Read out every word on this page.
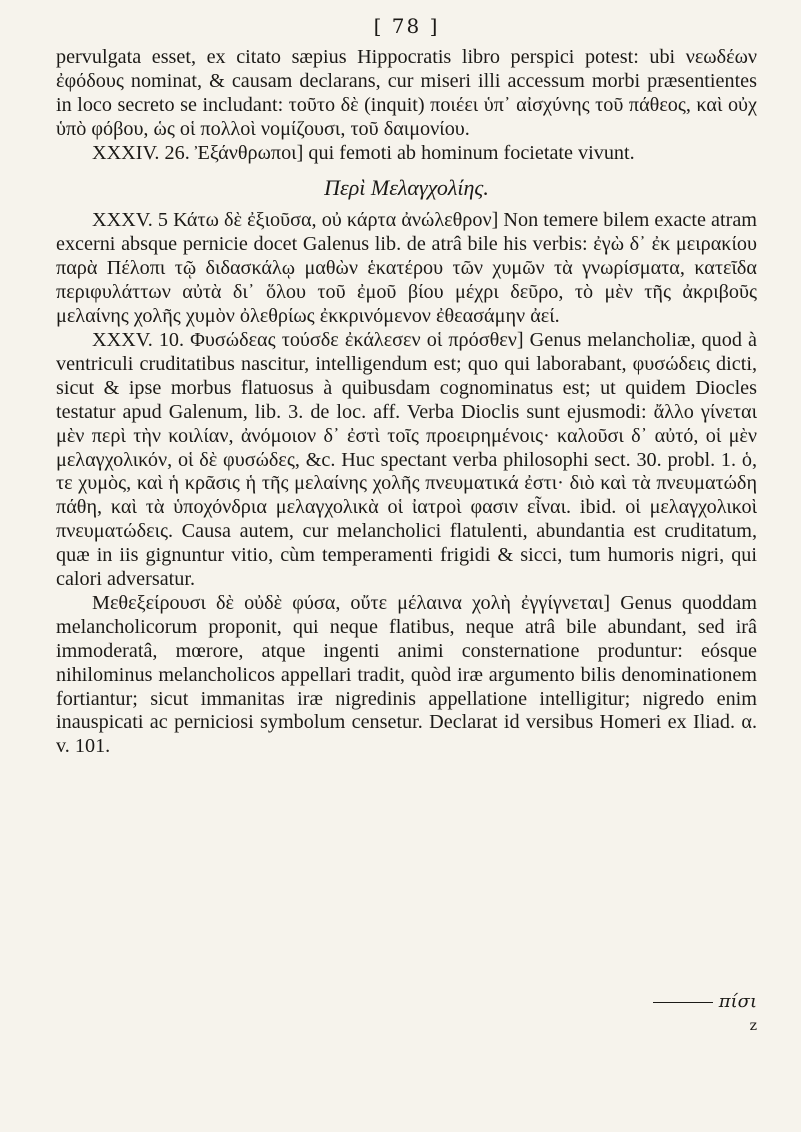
[ 78 ]

pervulgata esset, ex citato sæpius Hippocratis libro perspici potest: ubi νεωδέων ἐφόδους nominat, & causam declarans, cur miseri illi accessum morbi præsentientes in loco secreto se includant: τοῦτο δὲ (inquit) ποιέει ὑπ᾽ αἰσχύνης τοῦ πάθεος, καὶ οὐχ ὑπὸ φόβου, ὡς οἱ πολλοὶ νομίζουσι, τοῦ δαιμονίου.

XXXIV. 26. Ἐξάνθρωποι] qui femoti ab hominum focietate vivunt.

Περὶ Μελαγχολίης.

XXXV. 5 Κάτω δὲ ἐξιοῦσα, οὐ κάρτα ἀνώλεθρον] Non temere bilem exacte atram excerni absque pernicie docet Galenus lib. de atrâ bile his verbis: ἐγὼ δ᾽ ἐκ μειρακίου παρὰ Πέλοπι τῷ διδασκάλῳ μαθὼν ἑκατέρου τῶν χυμῶν τὰ γνωρίσματα, κατεῖδα περιφυλάττων αὐτὰ δι᾽ ὅλου τοῦ ἐμοῦ βίου μέχρι δεῦρο, τὸ μὲν τῆς ἀκριβοῦς μελαίνης χολῆς χυμὸν ὀλεθρίως ἐκκρινόμενον ἐθεασάμην ἀεί.

XXXV. 10. Φυσώδεας τούσδε ἐκάλεσεν οἱ πρόσθεν] Genus melancholiæ, quod à ventriculi cruditatibus nascitur, intelligendum est; quo qui laborabant, φυσώδεις dicti, sicut & ipse morbus flatuosus à quibusdam cognominatus est; ut quidem Diocles testatur apud Galenum, lib. 3. de loc. aff. Verba Dioclis sunt ejusmodi: ἄλλο γίνεται μὲν περὶ τὴν κοιλίαν, ἀνόμοιον δ᾽ ἐστὶ τοῖς προειρημένοις· καλοῦσι δ᾽ αὐτό, οἱ μὲν μελαγχολικόν, οἱ δὲ φυσώδες, &c. Huc spectant verba philosophi sect. 30. probl. 1. ὁ, τε χυμὸς, καὶ ἡ κρᾶσις ἡ τῆς μελαίνης χολῆς πνευματικά ἐστι· διὸ καὶ τὰ πνευματώδη πάθη, καὶ τὰ ὑποχόνδρια μελαγχολικὰ οἱ ἰατροὶ φασιν εἶναι. ibid. οἱ μελαγχολικοὶ πνευματώδεις. Causa autem, cur melancholici flatulenti, abundantia est cruditatum, quæ in iis gignuntur vitio, cùm temperamenti frigidi & sicci, tum humoris nigri, qui calori adversatur.

Μεθεξείρουσι δὲ οὐδὲ φύσα, οὔτε μέλαινα χολὴ ἐγγίγνεται] Genus quoddam melancholicorum proponit, qui neque flatibus, neque atrâ bile abundant, sed irâ immoderatâ, mœrore, atque ingenti animi consternatione produntur: eósque nihilominus melancholicos appellari tradit, quòd iræ argumento bilis denominationem fortiantur; sicut immanitas iræ nigredinis appellatione intelligitur; nigredo enim inauspicati ac perniciosi symbolum censetur. Declarat id versibus Homeri ex Iliad. α. v. 101.

πίσι
z
